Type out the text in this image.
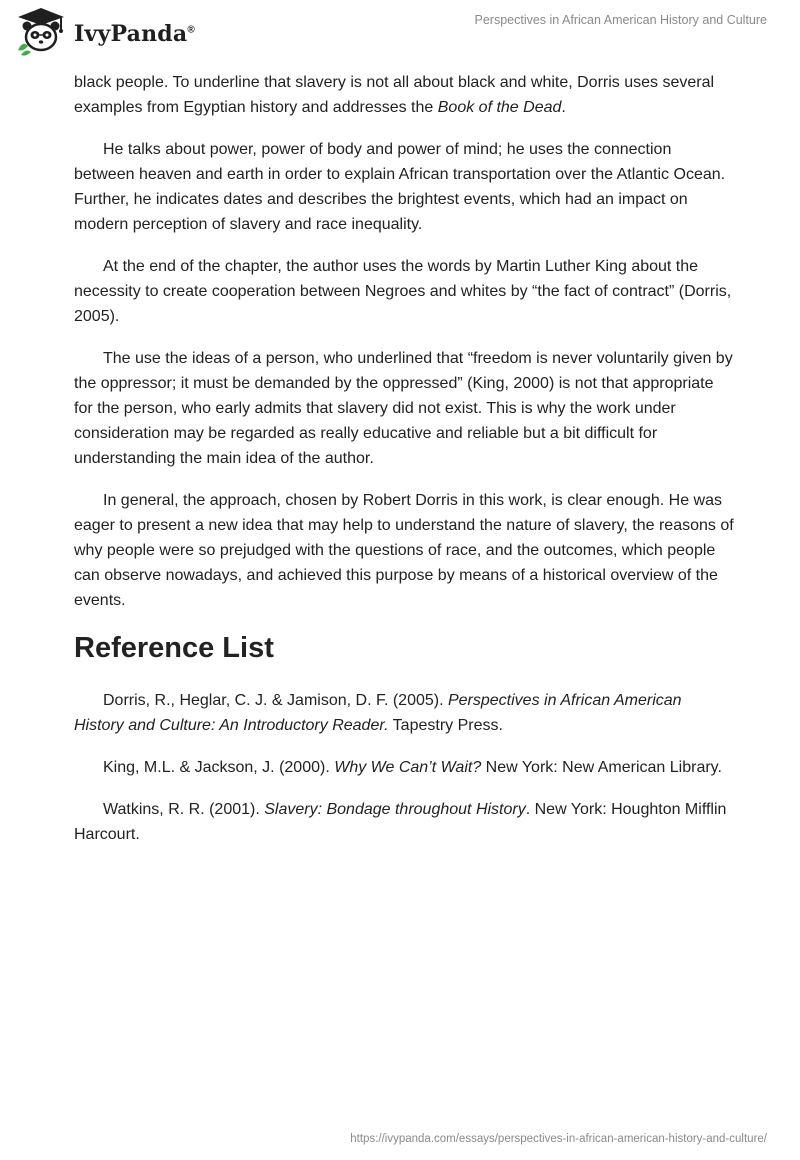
IvyPanda®
Perspectives in African American History and Culture

black people. To underline that slavery is not all about black and white, Dorris uses several examples from Egyptian history and addresses the Book of the Dead.

He talks about power, power of body and power of mind; he uses the connection between heaven and earth in order to explain African transportation over the Atlantic Ocean. Further, he indicates dates and describes the brightest events, which had an impact on modern perception of slavery and race inequality.

At the end of the chapter, the author uses the words by Martin Luther King about the necessity to create cooperation between Negroes and whites by “the fact of contract” (Dorris, 2005).

The use the ideas of a person, who underlined that “freedom is never voluntarily given by the oppressor; it must be demanded by the oppressed” (King, 2000) is not that appropriate for the person, who early admits that slavery did not exist. This is why the work under consideration may be regarded as really educative and reliable but a bit difficult for understanding the main idea of the author.

In general, the approach, chosen by Robert Dorris in this work, is clear enough. He was eager to present a new idea that may help to understand the nature of slavery, the reasons of why people were so prejudged with the questions of race, and the outcomes, which people can observe nowadays, and achieved this purpose by means of a historical overview of the events.

Reference List

Dorris, R., Heglar, C. J. & Jamison, D. F. (2005). Perspectives in African American History and Culture: An Introductory Reader. Tapestry Press.

King, M.L. & Jackson, J. (2000). Why We Can’t Wait? New York: New American Library.

Watkins, R. R. (2001). Slavery: Bondage throughout History. New York: Houghton Mifflin Harcourt.

https://ivypanda.com/essays/perspectives-in-african-american-history-and-culture/
